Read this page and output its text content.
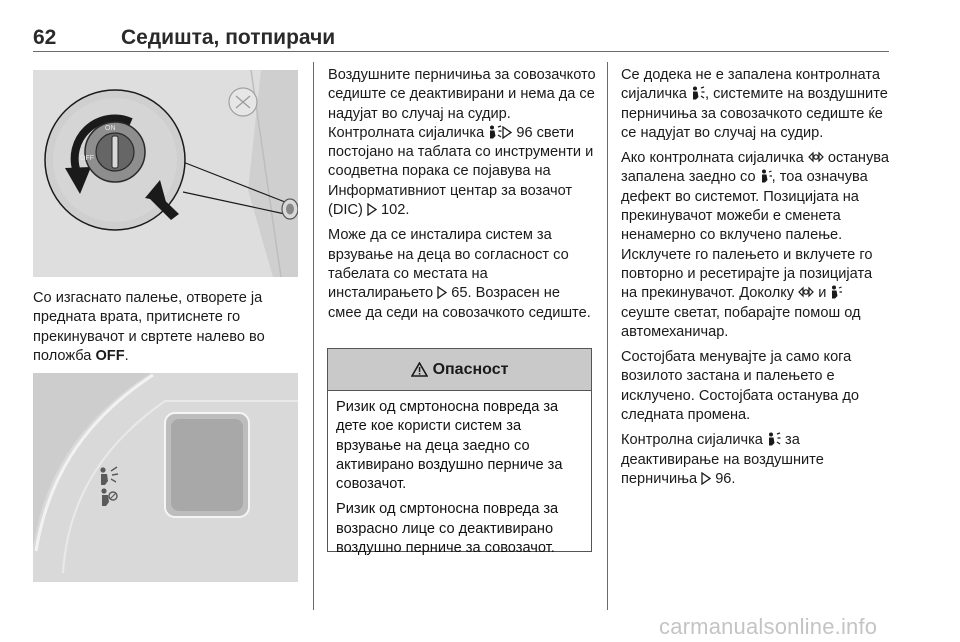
62	Седишта, потпирачи
ON
OFF

Со изгаснато палење, отворете ја предната врата, притиснете го прекинувачот и свртете налево во положба OFF.

Воздушните перничиња за совозачкото седиште се деактивирани и нема да се надујат во случај на судир. Контролната сијаличка  96 свети постојано на таблата со инструменти и соодветна порака се појавува на Информативниот центар за возачот (DIC)  102.

Може да се инсталира систем за врзување на деца во согласност со табелата со местата на инсталирањето  65. Возрасен не смее да седи на совозачкото седиште.

Опасност

Ризик од смртоносна повреда за дете кое користи систем за врзување на деца заедно со активирано воздушно перниче за совозачот.

Ризик од смртоносна повреда за возрасно лице со деактивирано воздушно перниче за совозачот.

Се додека не е запалена контролната сијаличка , системите на воздушните перничиња за совозачкото седиште ќе се надујат во случај на судир.

Ако контролната сијаличка  останува запалена заедно со , тоа означува дефект во системот. Позицијата на прекинувачот можеби е сменета ненамерно со вклучено палење. Исклучете го палењето и вклучете го повторно и ресетирајте ја позицијата на прекинувачот. Доколку  и  сеуште светат, побарајте помош од автомеханичар.

Состојбата менувајте ја само кога возилото застана и палењето е исклучено. Состојбата останува до следната промена.

Контролна сијаличка  за деактивирање на воздушните перничиња  96.

carmanualsonline.info
